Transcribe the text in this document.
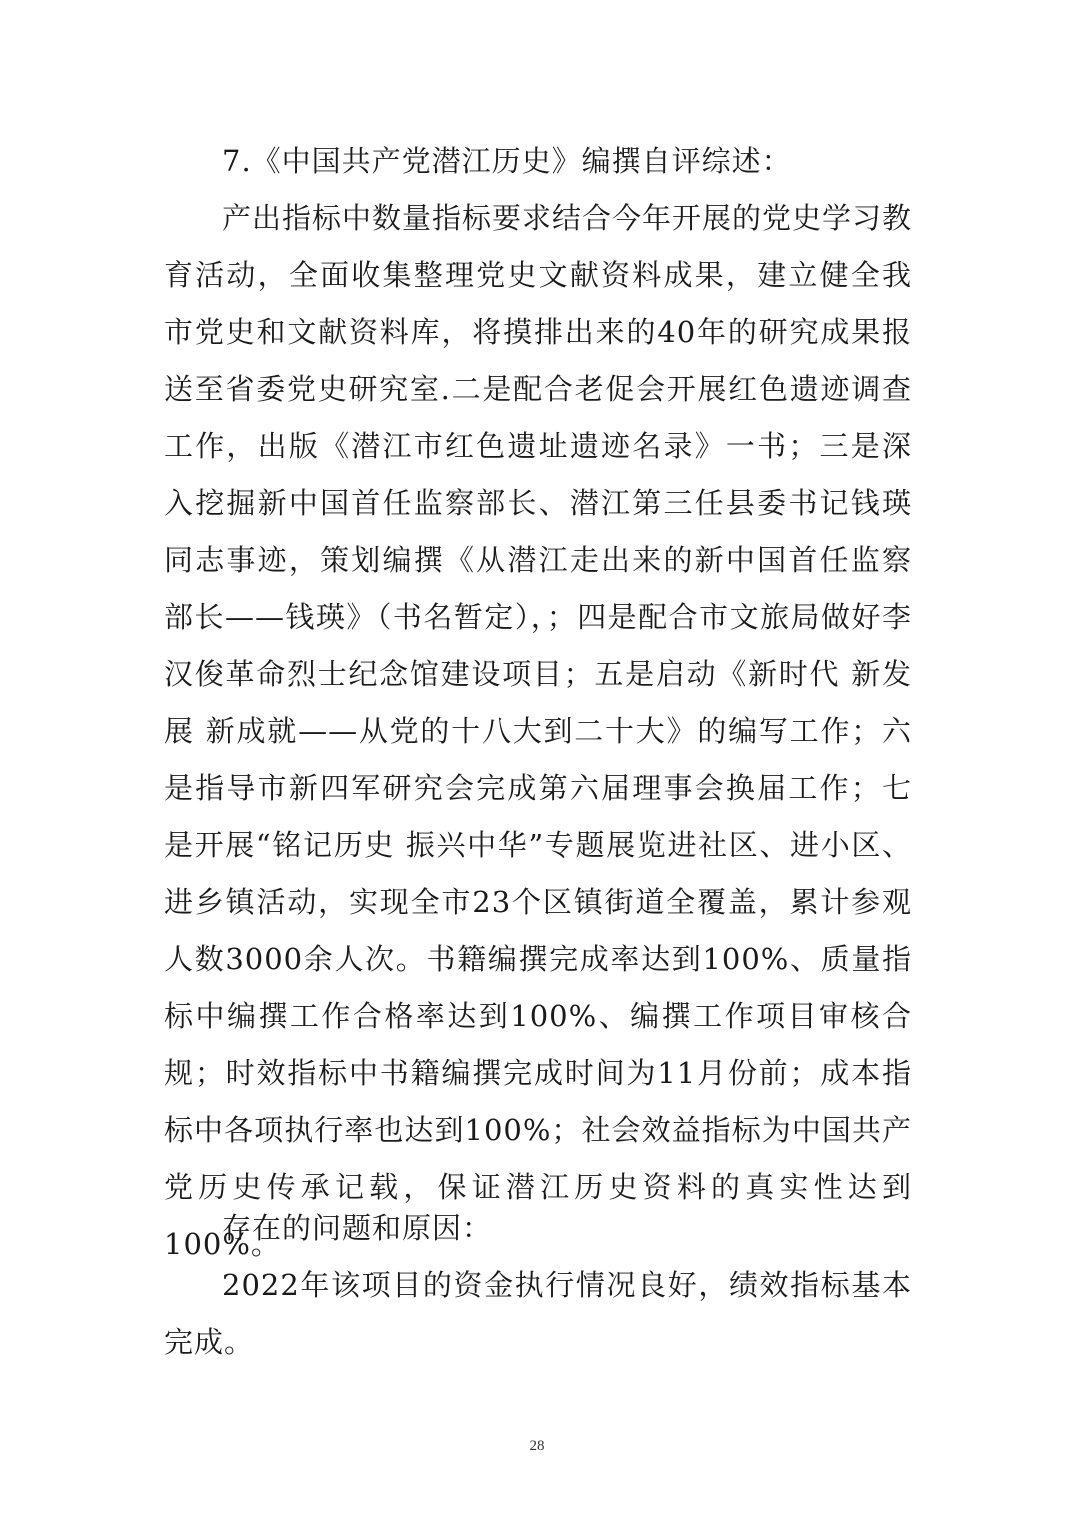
7.《中国共产党潜江历史》编撰自评综述：
产出指标中数量指标要求结合今年开展的党史学习教育活动，全面收集整理党史文献资料成果，建立健全我市党史和文献资料库，将摸排出来的40年的研究成果报送至省委党史研究室.二是配合老促会开展红色遗迹调查工作，出版《潜江市红色遗址遗迹名录》一书；三是深入挖掘新中国首任监察部长、潜江第三任县委书记钱瑛同志事迹，策划编撰《从潜江走出来的新中国首任监察部长——钱瑛》（书名暂定），；四是配合市文旅局做好李汉俊革命烈士纪念馆建设项目；五是启动《新时代 新发展 新成就——从党的十八大到二十大》的编写工作；六是指导市新四军研究会完成第六届理事会换届工作；七是开展“铭记历史 振兴中华”专题展览进社区、进小区、进乡镇活动，实现全市23个区镇街道全覆盖，累计参观人数3000余人次。书籍编撰完成率达到100%、质量指标中编撰工作合格率达到100%、编撰工作项目审核合规；时效指标中书籍编撰完成时间为11月份前；成本指标中各项执行率也达到100%；社会效益指标为中国共产党历史传承记载，保证潜江历史资料的真实性达到100%。
存在的问题和原因：
2022年该项目的资金执行情况良好，绩效指标基本完成。
28
